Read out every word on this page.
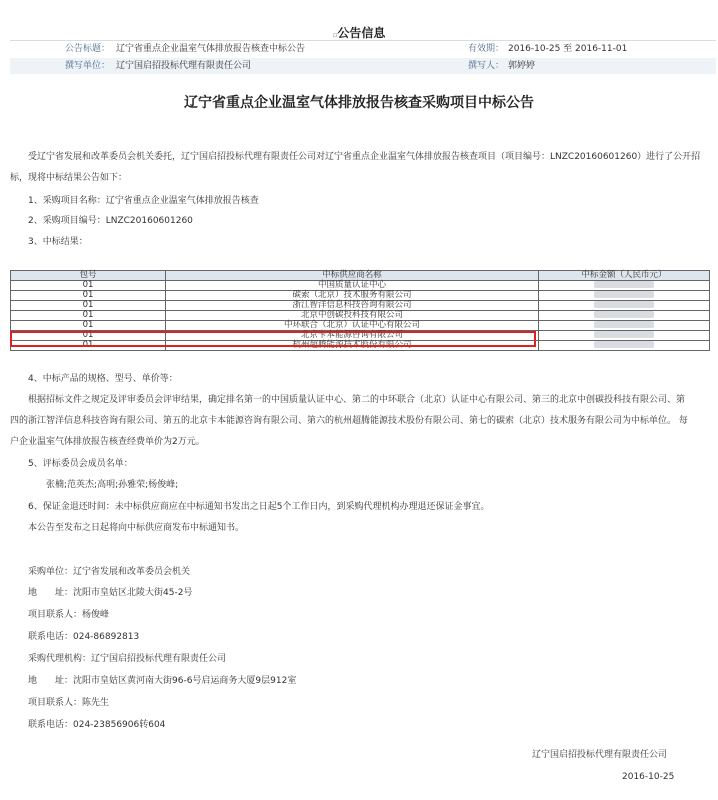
▫公告信息
公告标题： 辽宁省重点企业温室气体排放报告核查中标公告	有效期： 2016-10-25 至 2016-11-01
撰写单位： 辽宁国启招投标代理有限责任公司	撰写人： 郭婷婷
辽宁省重点企业温室气体排放报告核查采购项目中标公告
受辽宁省发展和改革委员会机关委托，辽宁国启招投标代理有限责任公司对辽宁省重点企业温室气体排放报告核查项目（项目编号：LNZC20160601260）进行了公开招
标，现将中标结果公告如下：
1、采购项目名称：辽宁省重点企业温室气体排放报告核查
2、采购项目编号：LNZC20160601260
3、中标结果：
包号	中标供应商名称	中标金额（人民币元）
01	中国质量认证中心	
01	碳索（北京）技术服务有限公司	
01	浙江智洋信息科技咨询有限公司	
01	北京中创碳投科技有限公司	
01	中环联合（北京）认证中心有限公司	
01	北京卡本能源咨询有限公司	
01	杭州超腾能源技术股份有限公司	
4、中标产品的规格、型号、单价等：
根据招标文件之规定及评审委员会评审结果，确定排名第一的中国质量认证中心、第二的中环联合（北京）认证中心有限公司、第三的北京中创碳投科技有限公司、第
四的浙江智洋信息科技咨询有限公司、第五的北京卡本能源咨询有限公司、第六的杭州超腾能源技术股份有限公司、第七的碳索（北京）技术服务有限公司为中标单位。 每
户企业温室气体排放报告核查经费单价为2万元。
5、评标委员会成员名单：
张楠;范英杰;高明;孙雅荣;杨俊峰;
6、保证金退还时间：未中标供应商应在中标通知书发出之日起5个工作日内，到采购代理机构办理退还保证金事宜。
本公告至发布之日起将向中标供应商发布中标通知书。
采购单位：辽宁省发展和改革委员会机关
地　　址：沈阳市皇姑区北陵大街45-2号
项目联系人：杨俊峰
联系电话：024-86892813
采购代理机构：辽宁国启招投标代理有限责任公司
地　　址：沈阳市皇姑区黄河南大街96-6号启运商务大厦9层912室
项目联系人：陈先生
联系电话：024-23856906转604
辽宁国启招投标代理有限责任公司
2016-10-25
